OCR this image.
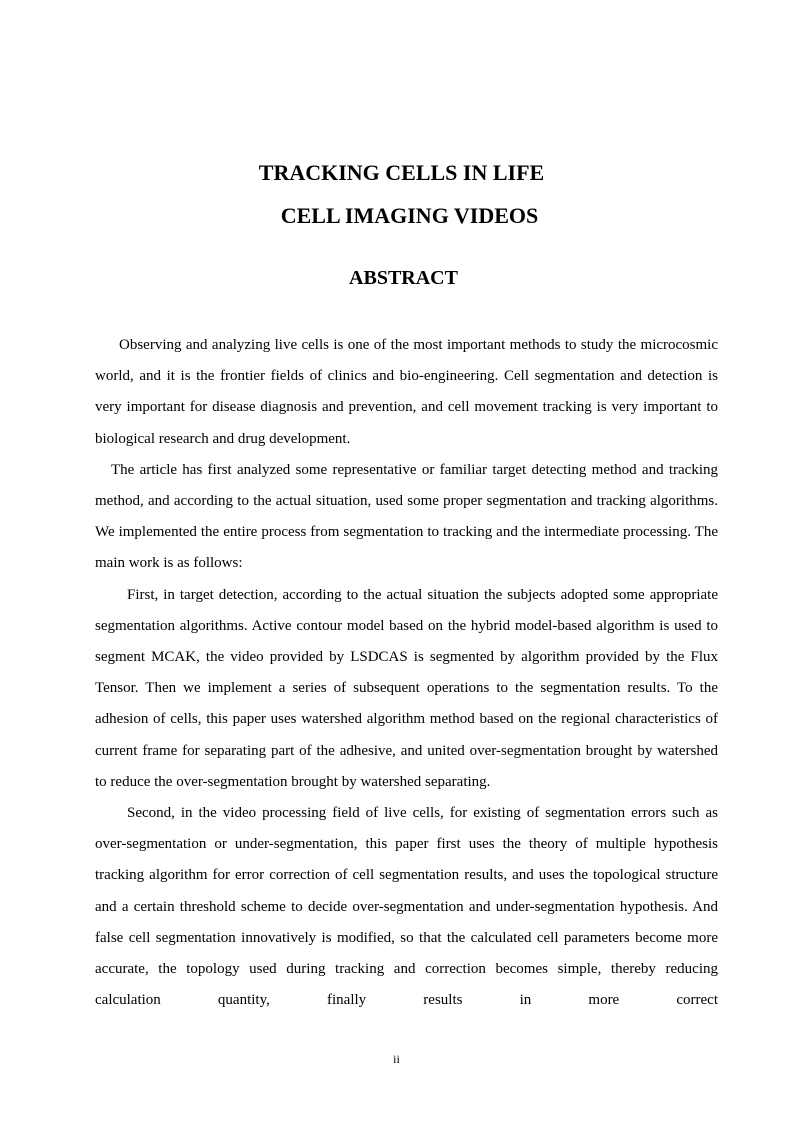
TRACKING CELLS IN LIFE
CELL IMAGING VIDEOS
ABSTRACT

Observing and analyzing live cells is one of the most important methods to study the microcosmic world, and it is the frontier fields of clinics and bio-engineering. Cell segmentation and detection is very important for disease diagnosis and prevention, and cell movement tracking is very important to biological research and drug development.

The article has first analyzed some representative or familiar target detecting method and tracking method, and according to the actual situation, used some proper segmentation and tracking algorithms. We implemented the entire process from segmentation to tracking and the intermediate processing. The main work is as follows:

First, in target detection, according to the actual situation the subjects adopted some appropriate segmentation algorithms. Active contour model based on the hybrid model-based algorithm is used to segment MCAK, the video provided by LSDCAS is segmented by algorithm provided by the Flux Tensor. Then we implement a series of subsequent operations to the segmentation results. To the adhesion of cells, this paper uses watershed algorithm method based on the regional characteristics of current frame for separating part of the adhesive, and united over-segmentation brought by watershed to reduce the over-segmentation brought by watershed separating.

Second, in the video processing field of live cells, for existing of segmentation errors such as over-segmentation or under-segmentation, this paper first uses the theory of multiple hypothesis tracking algorithm for error correction of cell segmentation results, and uses the topological structure and a certain threshold scheme to decide over-segmentation and under-segmentation hypothesis. And false cell segmentation innovatively is modified, so that the calculated cell parameters become more accurate, the topology used during tracking and correction becomes simple, thereby reducing calculation quantity, finally results in more correct

ii
